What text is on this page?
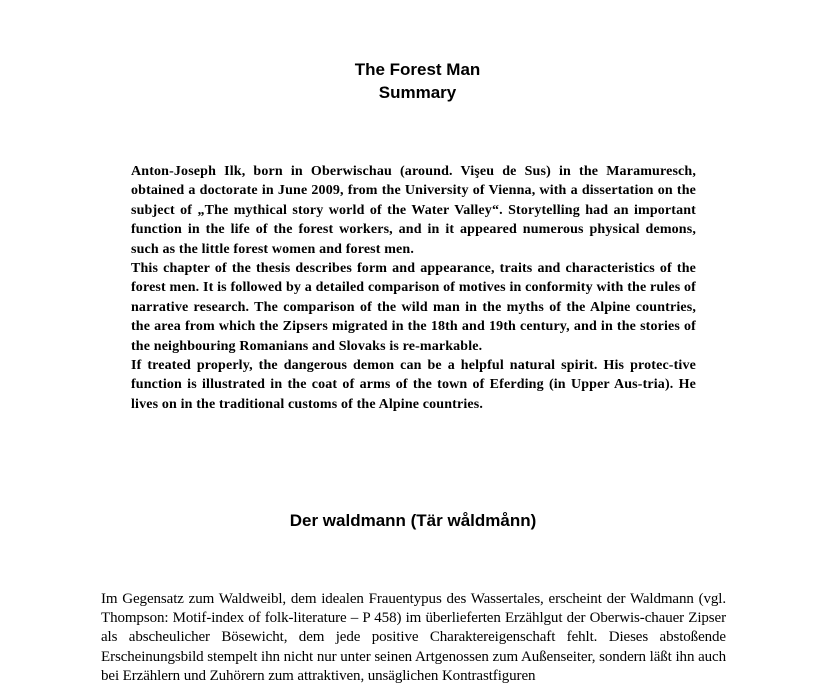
The Forest Man
Summary

Anton-Joseph Ilk, born in Oberwischau (around. Vişeu de Sus) in the Maramuresch, obtained a doctorate in June 2009, from the University of Vienna, with a dissertation on the subject of „The mythical story world of the Water Valley“. Storytelling had an important function in the life of the forest workers, and in it appeared numerous physical demons, such as the little forest women and forest men.

This chapter of the thesis describes form and appearance, traits and characteristics of the forest men. It is followed by a detailed comparison of motives in conformity with the rules of narrative research. The comparison of the wild man in the myths of the Alpine countries, the area from which the Zipsers migrated in the 18th and 19th century, and in the stories of the neighbouring Romanians and Slovaks is re-markable.

If treated properly, the dangerous demon can be a helpful natural spirit. His protec-tive function is illustrated in the coat of arms of the town of Eferding (in Upper Aus-tria). He lives on in the traditional customs of the Alpine countries.

Der waldmann (Tär wåldmånn)

Im Gegensatz zum Waldweibl, dem idealen Frauentypus des Wassertales, erscheint der Waldmann (vgl. Thompson: Motif-index of folk-literature – P 458) im überlieferten Erzählgut der Oberwis-chauer Zipser als abscheulicher Bösewicht, dem jede positive Charaktereigenschaft fehlt. Dieses abstoßende Erscheinungsbild stempelt ihn nicht nur unter seinen Artgenossen zum Außenseiter, sondern läßt ihn auch bei Erzählern und Zuhörern zum attraktiven, unsäglichen Kontrastfiguren
